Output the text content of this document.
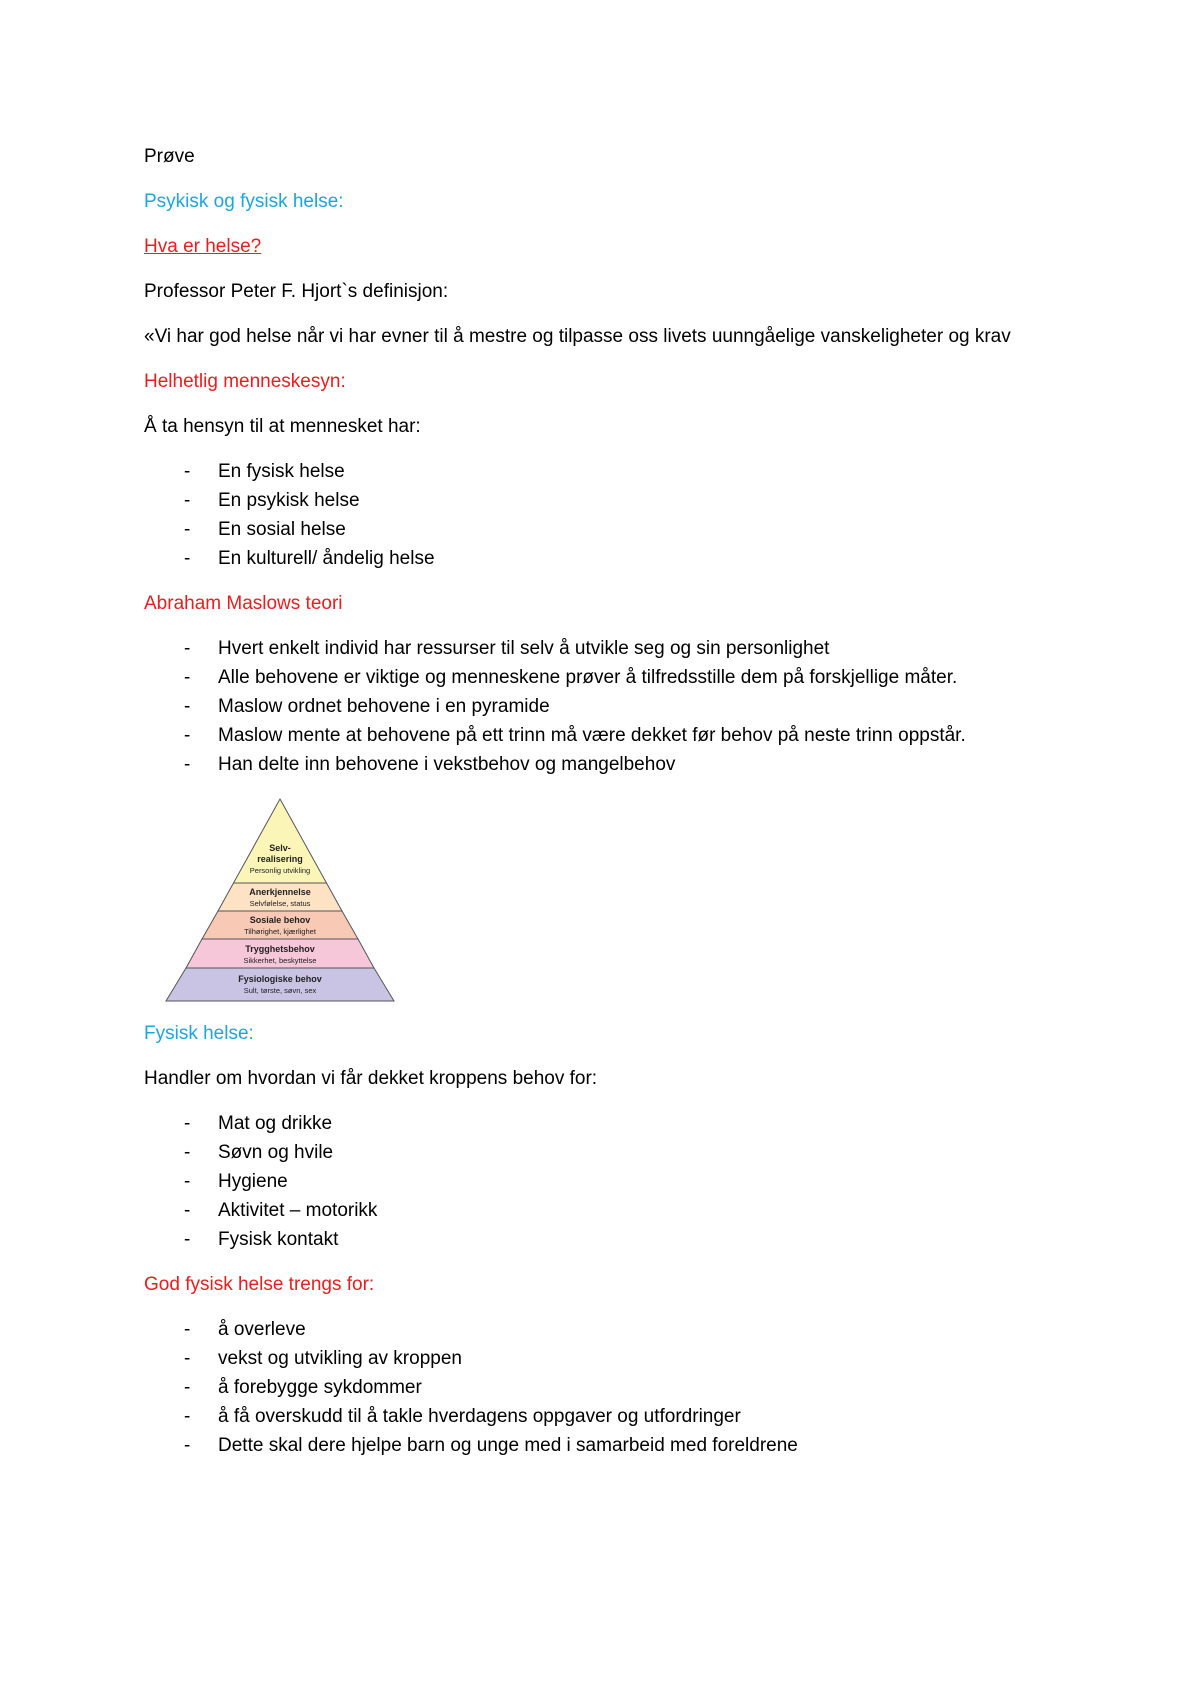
Prøve

Psykisk og fysisk helse:

Hva er helse?

Professor Peter F. Hjort`s definisjon:

«Vi har god helse når vi har evner til å mestre og tilpasse oss livets uunngåelige vanskeligheter og krav

Helhetlig menneskesyn:

Å ta hensyn til at mennesket har:

- En fysisk helse
- En psykisk helse
- En sosial helse
- En kulturell/ åndelig helse

Abraham Maslows teori

- Hvert enkelt individ har ressurser til selv å utvikle seg og sin personlighet
- Alle behovene er viktige og menneskene prøver å tilfredsstille dem på forskjellige måter.
- Maslow ordnet behovene i en pyramide
- Maslow mente at behovene på ett trinn må være dekket før behov på neste trinn oppstår.
- Han delte inn behovene i vekstbehov og mangelbehov
Selv-
realisering
Personlig utvikling
Anerkjennelse
Selvfølelse, status
Sosiale behov
Tilhørighet, kjærlighet
Trygghetsbehov
Sikkerhet, beskyttelse
Fysiologiske behov
Sult, tørste, søvn, sex

Fysisk helse:

Handler om hvordan vi får dekket kroppens behov for:

- Mat og drikke
- Søvn og hvile
- Hygiene
- Aktivitet – motorikk
- Fysisk kontakt

God fysisk helse trengs for:

- å overleve
- vekst og utvikling av kroppen
- å forebygge sykdommer
- å få overskudd til å takle hverdagens oppgaver og utfordringer
- Dette skal dere hjelpe barn og unge med i samarbeid med foreldrene
